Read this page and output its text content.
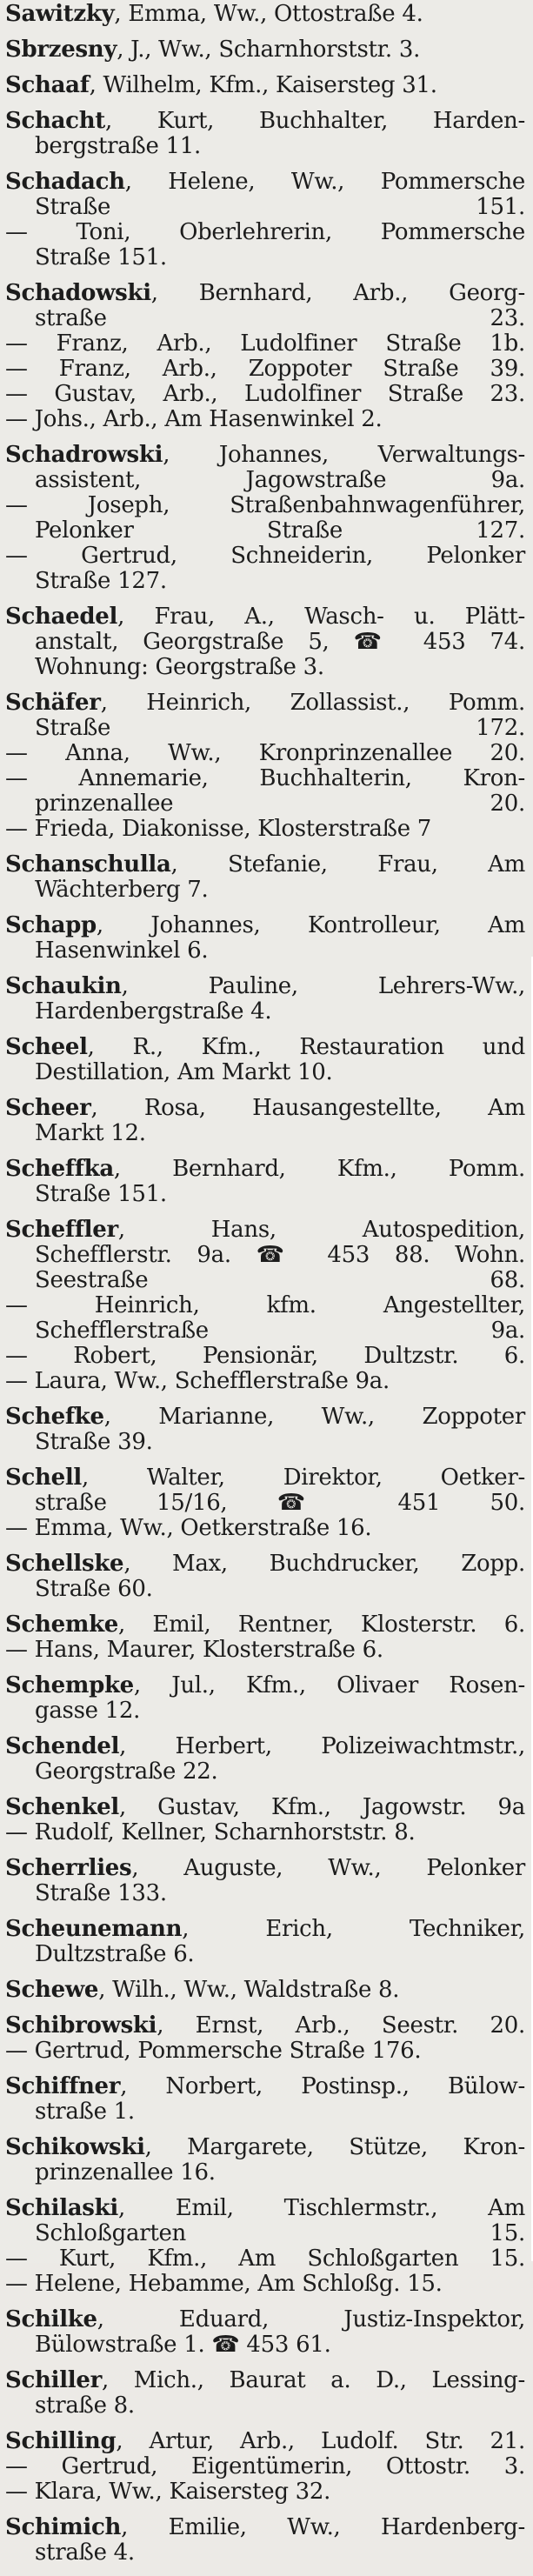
Sawitzky, Emma, Ww., Ottostraße 4.
Sbrzesny, J., Ww., Scharnhorststr. 3.
Schaaf, Wilhelm, Kfm., Kaisersteg 31.
Schacht, Kurt, Buchhalter, Harden-
bergstraße 11.
Schadach, Helene, Ww., Pommersche
Straße 151.
— Toni, Oberlehrerin, Pommersche
Straße 151.
Schadowski, Bernhard, Arb., Georg-
straße 23.
— Franz, Arb., Ludolfiner Straße 1b.
— Franz, Arb., Zoppoter Straße 39.
— Gustav, Arb., Ludolfiner Straße 23.
— Johs., Arb., Am Hasenwinkel 2.
Schadrowski, Johannes, Verwaltungs-
assistent, Jagowstraße 9a.
— Joseph, Straßenbahnwagenführer,
Pelonker Straße 127.
— Gertrud, Schneiderin, Pelonker
Straße 127.
Schaedel, Frau, A., Wasch- u. Plätt-
anstalt, Georgstraße 5, ☎ 453 74.
Wohnung: Georgstraße 3.
Schäfer, Heinrich, Zollassist., Pomm.
Straße 172.
— Anna, Ww., Kronprinzenallee 20.
— Annemarie, Buchhalterin, Kron-
prinzenallee 20.
— Frieda, Diakonisse, Klosterstraße 7
Schanschulla, Stefanie, Frau, Am
Wächterberg 7.
Schapp, Johannes, Kontrolleur, Am
Hasenwinkel 6.
Schaukin, Pauline, Lehrers-Ww.,
Hardenbergstraße 4.
Scheel, R., Kfm., Restauration und
Destillation, Am Markt 10.
Scheer, Rosa, Hausangestellte, Am
Markt 12.
Scheffka, Bernhard, Kfm., Pomm.
Straße 151.
Scheffler, Hans, Autospedition,
Schefflerstr. 9a. ☎ 453 88. Wohn.
Seestraße 68.
— Heinrich, kfm. Angestellter,
Schefflerstraße 9a.
— Robert, Pensionär, Dultzstr. 6.
— Laura, Ww., Schefflerstraße 9a.
Schefke, Marianne, Ww., Zoppoter
Straße 39.
Schell, Walter, Direktor, Oetker-
straße 15/16, ☎ 451 50.
— Emma, Ww., Oetkerstraße 16.
Schellske, Max, Buchdrucker, Zopp.
Straße 60.
Schemke, Emil, Rentner, Klosterstr. 6.
— Hans, Maurer, Klosterstraße 6.
Schempke, Jul., Kfm., Olivaer Rosen-
gasse 12.
Schendel, Herbert, Polizeiwachtmstr.,
Georgstraße 22.
Schenkel, Gustav, Kfm., Jagowstr. 9a
— Rudolf, Kellner, Scharnhorststr. 8.
Scherrlies, Auguste, Ww., Pelonker
Straße 133.
Scheunemann, Erich, Techniker,
Dultzstraße 6.
Schewe, Wilh., Ww., Waldstraße 8.
Schibrowski, Ernst, Arb., Seestr. 20.
— Gertrud, Pommersche Straße 176.
Schiffner, Norbert, Postinsp., Bülow-
straße 1.
Schikowski, Margarete, Stütze, Kron-
prinzenallee 16.
Schilaski, Emil, Tischlermstr., Am
Schloßgarten 15.
— Kurt, Kfm., Am Schloßgarten 15.
— Helene, Hebamme, Am Schloßg. 15.
Schilke, Eduard, Justiz-Inspektor,
Bülowstraße 1. ☎ 453 61.
Schiller, Mich., Baurat a. D., Lessing-
straße 8.
Schilling, Artur, Arb., Ludolf. Str. 21.
— Gertrud, Eigentümerin, Ottostr. 3.
— Klara, Ww., Kaisersteg 32.
Schimich, Emilie, Ww., Hardenberg-
straße 4.
